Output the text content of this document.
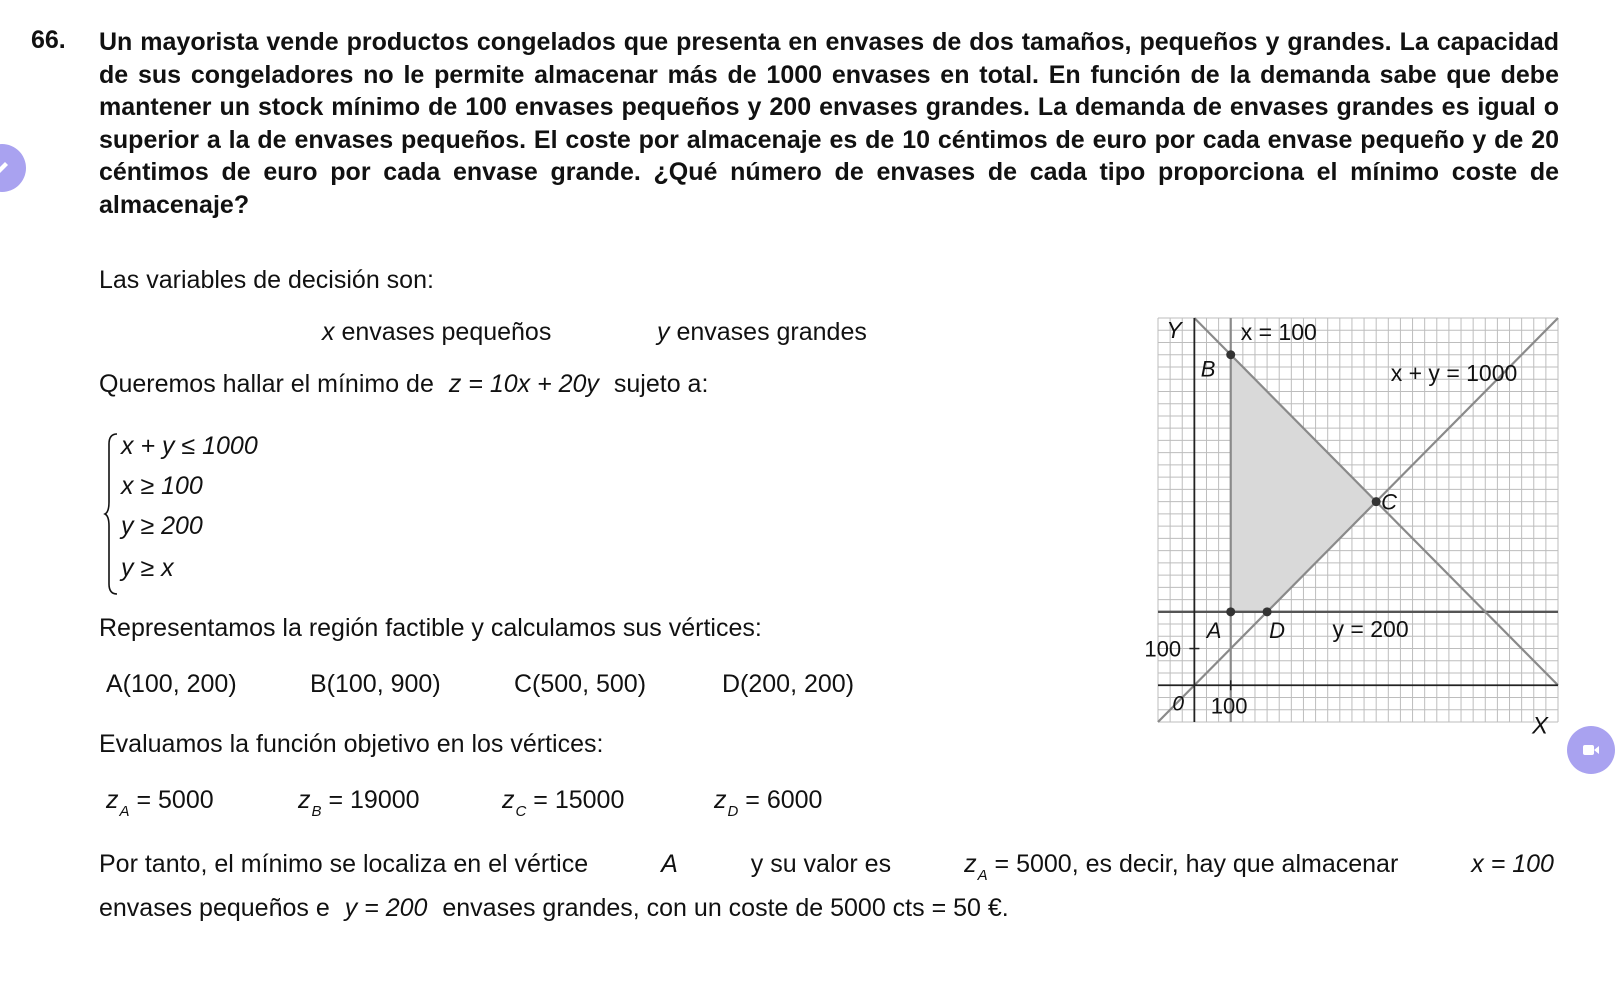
66. Un mayorista vende productos congelados que presenta en envases de dos tamaños, pequeños y grandes. La capacidad de sus congeladores no le permite almacenar más de 1000 envases en total. En función de la demanda sabe que debe mantener un stock mínimo de 100 envases pequeños y 200 envases grandes. La demanda de envases grandes es igual o superior a la de envases pequeños. El coste por almacenaje es de 10 céntimos de euro por cada envase pequeño y de 20 céntimos de euro por cada envase grande. ¿Qué número de envases de cada tipo proporciona el mínimo coste de almacenaje?

Las variables de decisión son:
x envases pequeños	y envases grandes
Queremos hallar el mínimo de z = 10x + 20y sujeto a:
x + y ≤ 1000
x ≥ 100
y ≥ 200
y ≥ x
Representamos la región factible y calculamos sus vértices:
A(100, 200)	B(100, 900)	C(500, 500)	D(200, 200)
Evaluamos la función objetivo en los vértices:
$z_A = 5000$	$z_B = 19000$	$z_C = 15000$	$z_D = 6000$
Por tanto, el mínimo se localiza en el vértice	A	y su valor es	$z_A = 5000$, es decir, hay que almacenar	x = 100
envases pequeños e y = 200 envases grandes, con un coste de 5000 cts = 50 €.
Y
X
0 100
100
x = 100
x + y = 1000
y = 200
A
B
C
D
